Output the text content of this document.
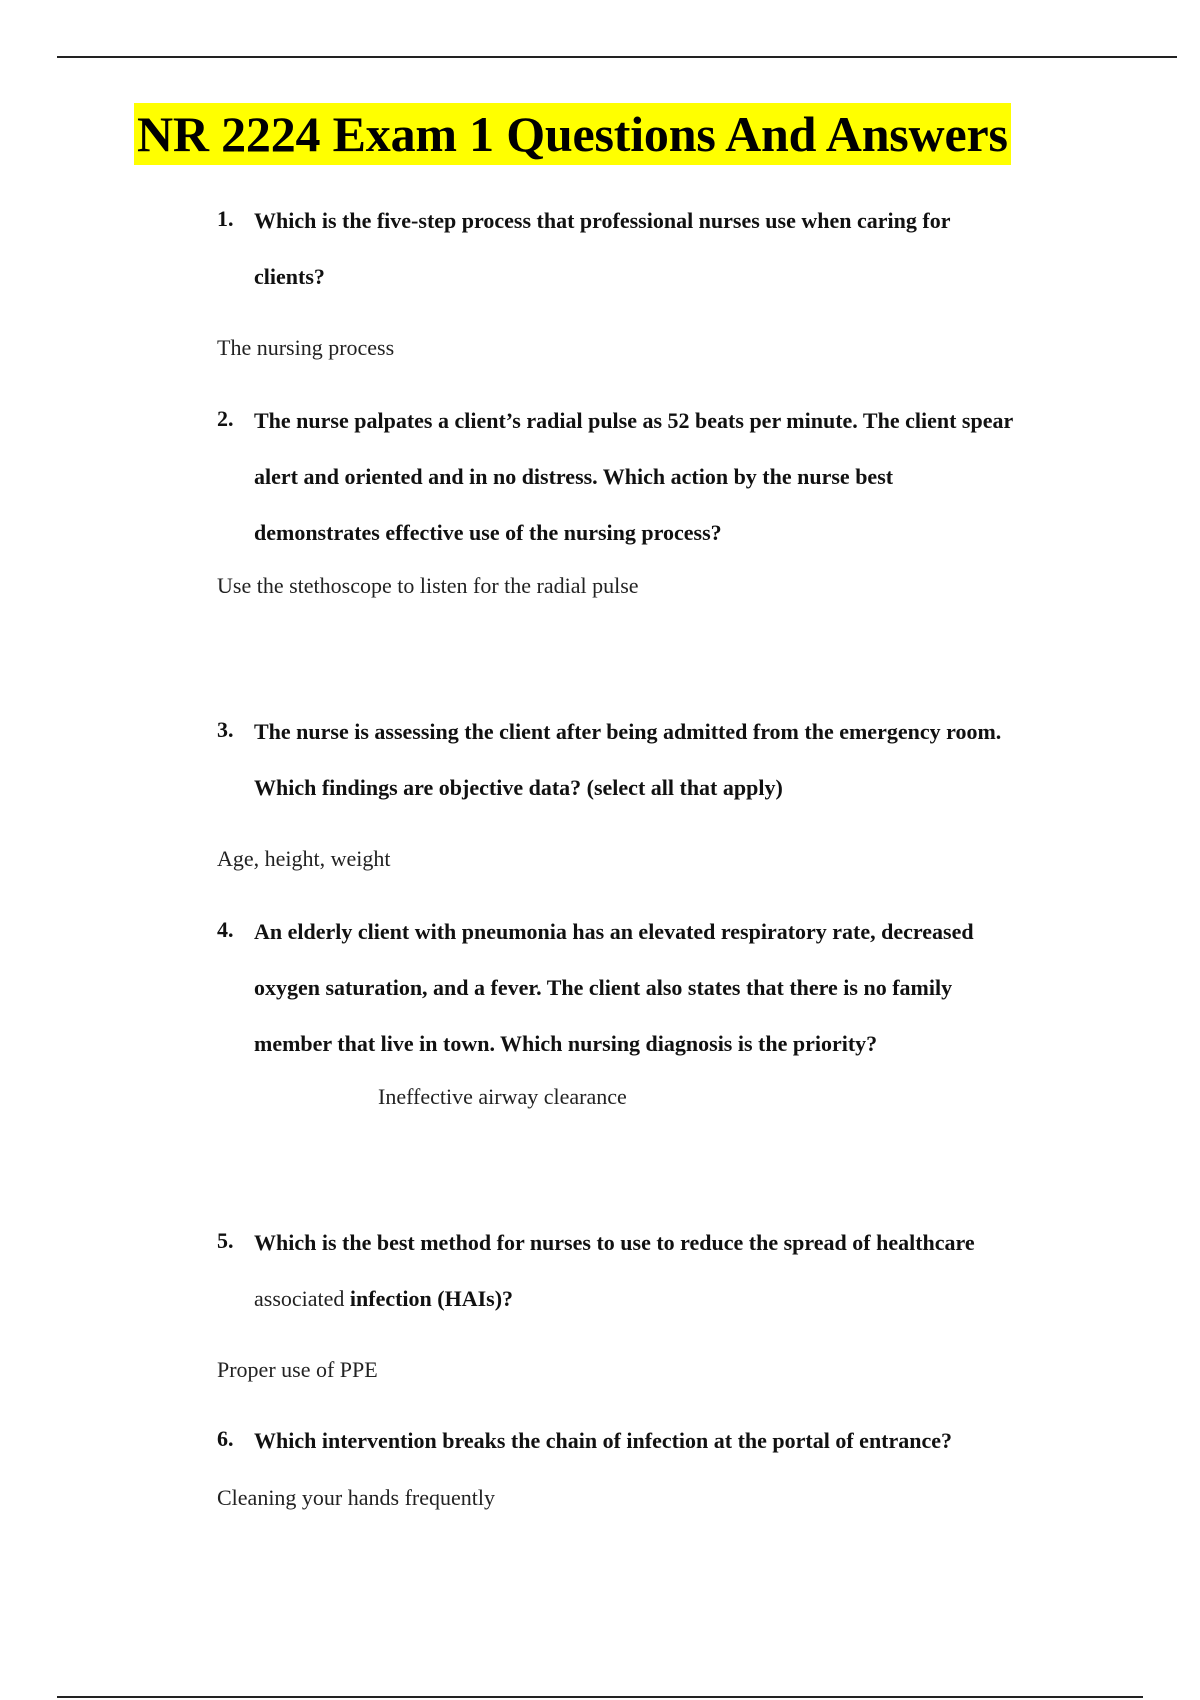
NR 2224 Exam 1 Questions And Answers
1. Which is the five-step process that professional nurses use when caring for
clients?
The nursing process
2. The nurse palpates a client’s radial pulse as 52 beats per minute. The client spear
alert and oriented and in no distress. Which action by the nurse best
demonstrates effective use of the nursing process?
Use the stethoscope to listen for the radial pulse
3. The nurse is assessing the client after being admitted from the emergency room.
Which findings are objective data? (select all that apply)
Age, height, weight
4. An elderly client with pneumonia has an elevated respiratory rate, decreased
oxygen saturation, and a fever. The client also states that there is no family
member that live in town. Which nursing diagnosis is the priority?
Ineffective airway clearance
5. Which is the best method for nurses to use to reduce the spread of healthcare
associated infection (HAIs)?
Proper use of PPE
6. Which intervention breaks the chain of infection at the portal of entrance?
Cleaning your hands frequently
